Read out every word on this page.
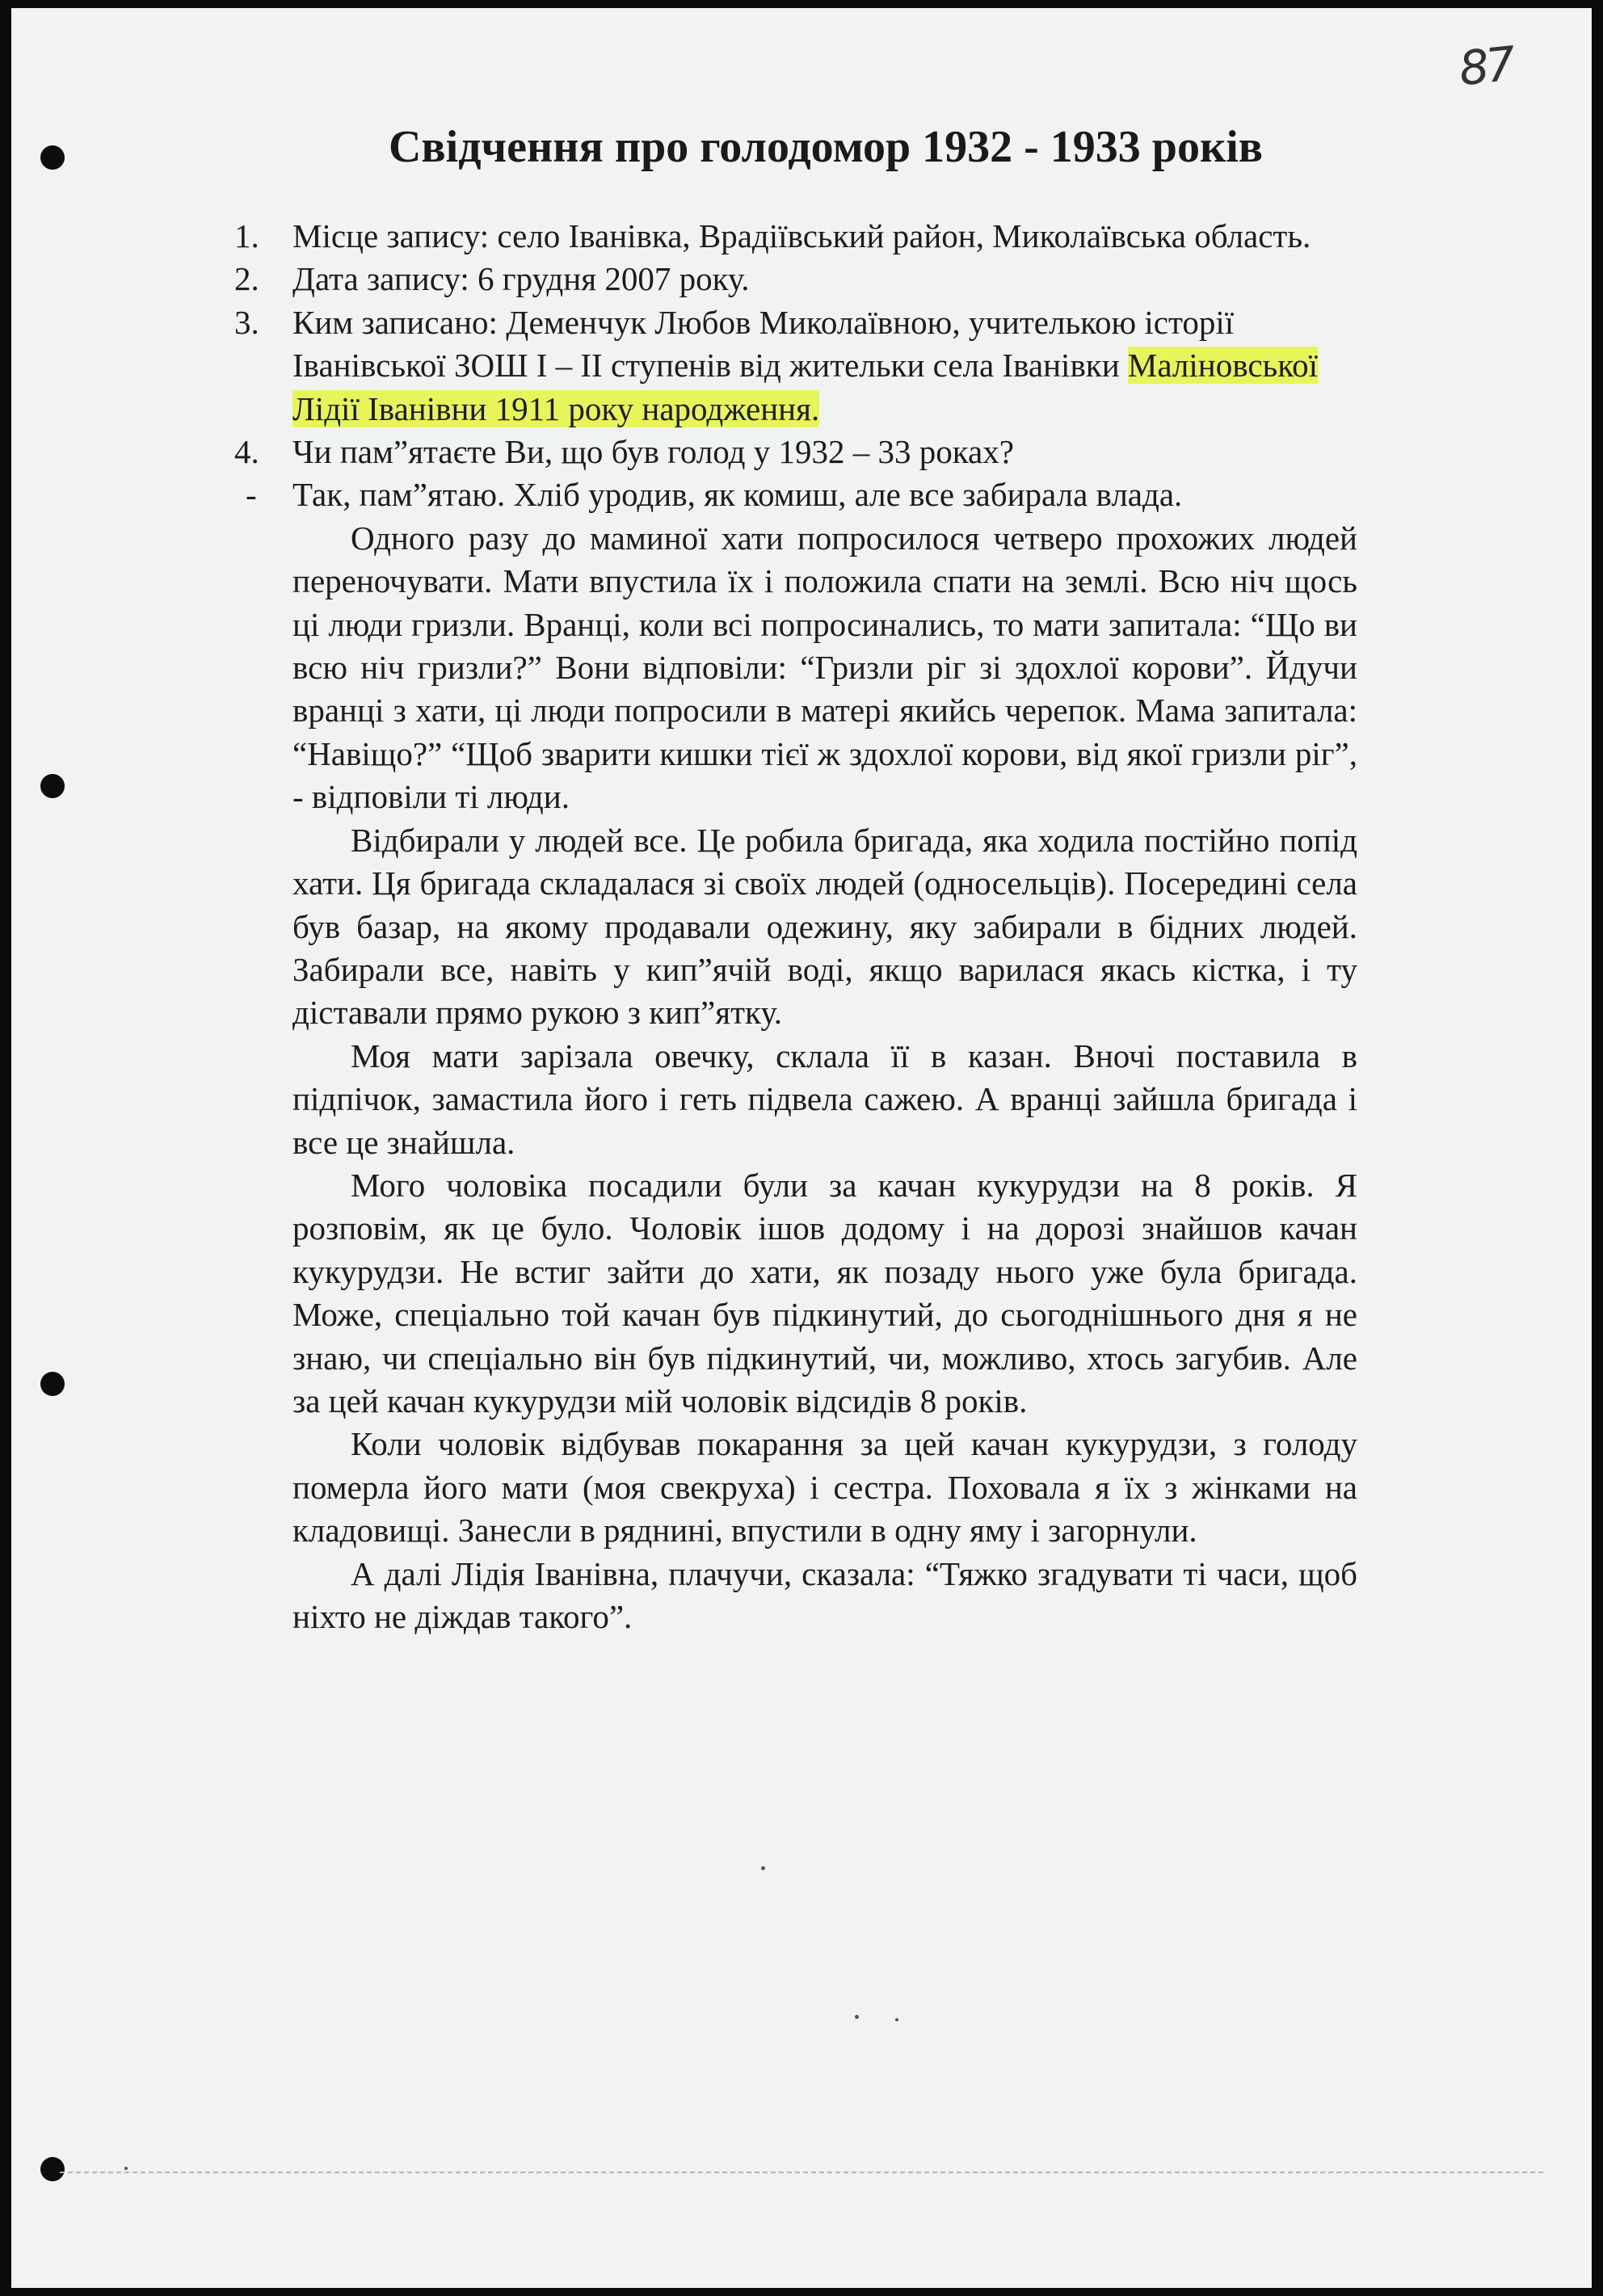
87
Свідчення про голодомор 1932 - 1933 років
1. Місце запису: село Іванівка, Врадіївський район, Миколаївська область.
2. Дата запису: 6 грудня 2007 року.
3. Ким записано: Деменчук Любов Миколаївною, учителькою історії Іванівської ЗОШ І – ІІ ступенів від жительки села Іванівки Маліновської Лідії Іванівни 1911 року народження.
4. Чи пам”ятаєте Ви, що був голод у 1932 – 33 роках?
- Так, пам”ятаю. Хліб уродив, як комиш, але все забирала влада.

Одного разу до маминої хати попросилося четверо прохожих людей переночувати. Мати впустила їх і положила спати на землі. Всю ніч щось ці люди гризли. Вранці, коли всі попросинались, то мати запитала: “Що ви всю ніч гризли?” Вони відповіли: “Гризли ріг зі здохлої корови”. Йдучи вранці з хати, ці люди попросили в матері якийсь черепок. Мама запитала: “Навіщо?” “Щоб зварити кишки тієї ж здохлої корови, від якої гризли ріг”, - відповіли ті люди.

Відбирали у людей все. Це робила бригада, яка ходила постійно попід хати. Ця бригада складалася зі своїх людей (односельців). Посередині села був базар, на якому продавали одежину, яку забирали в бідних людей. Забирали все, навіть у кип”ячій воді, якщо варилася якась кістка, і ту діставали прямо рукою з кип”ятку.

Моя мати зарізала овечку, склала її в казан. Вночі поставила в підпічок, замастила його і геть підвела сажею. А вранці зайшла бригада і все це знайшла.

Мого чоловіка посадили були за качан кукурудзи на 8 років. Я розповім, як це було. Чоловік ішов додому і на дорозі знайшов качан кукурудзи. Не встиг зайти до хати, як позаду нього уже була бригада. Може, спеціально той качан був підкинутий, до сьогоднішнього дня я не знаю, чи спеціально він був підкинутий, чи, можливо, хтось загубив. Але за цей качан кукурудзи мій чоловік відсидів 8 років.

Коли чоловік відбував покарання за цей качан кукурудзи, з голоду померла його мати (моя свекруха) і сестра. Поховала я їх з жінками на кладовищі. Занесли в ряднині, впустили в одну яму і загорнули.

А далі Лідія Іванівна, плачучи, сказала: “Тяжко згадувати ті часи, щоб ніхто не діждав такого”.
